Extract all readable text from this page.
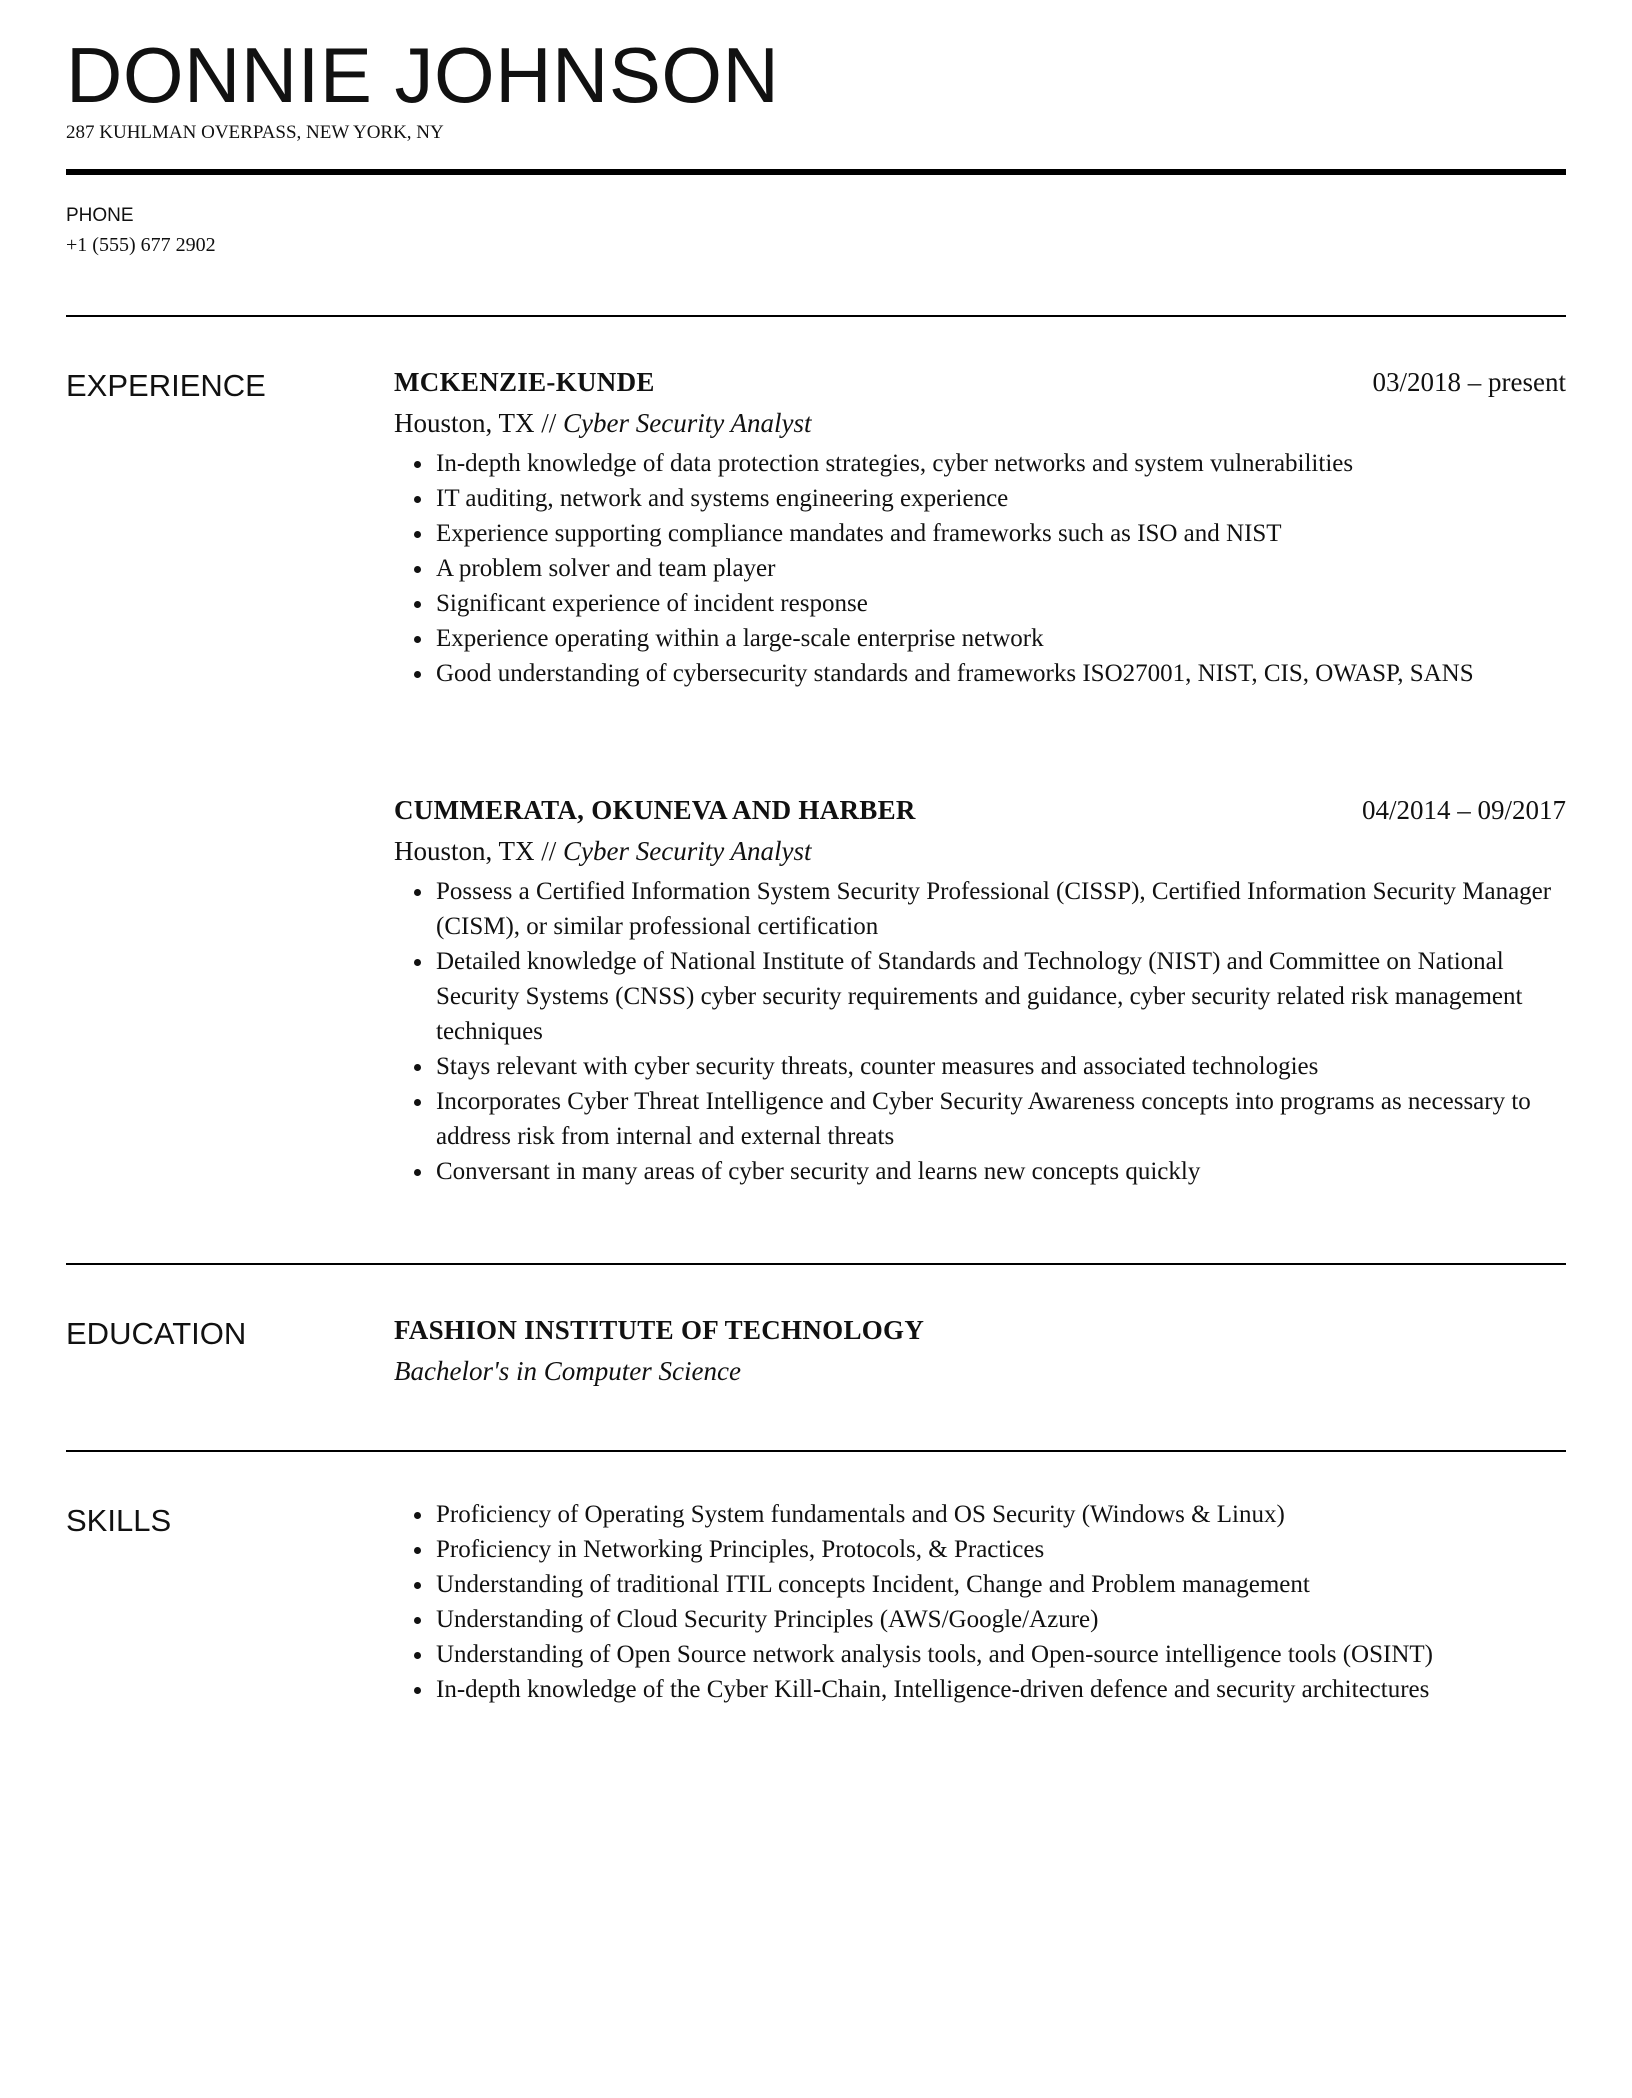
DONNIE JOHNSON
287 KUHLMAN OVERPASS, NEW YORK, NY
PHONE
+1 (555) 677 2902
EXPERIENCE	MCKENZIE-KUNDE	03/2018 – present
Houston, TX // Cyber Security Analyst
In-depth knowledge of data protection strategies, cyber networks and system vulnerabilities
IT auditing, network and systems engineering experience
Experience supporting compliance mandates and frameworks such as ISO and NIST
A problem solver and team player
Significant experience of incident response
Experience operating within a large-scale enterprise network
Good understanding of cybersecurity standards and frameworks ISO27001, NIST, CIS, OWASP, SANS
CUMMERATA, OKUNEVA AND HARBER	04/2014 – 09/2017
Houston, TX // Cyber Security Analyst
Possess a Certified Information System Security Professional (CISSP), Certified Information Security Manager (CISM), or similar professional certification
Detailed knowledge of National Institute of Standards and Technology (NIST) and Committee on National Security Systems (CNSS) cyber security requirements and guidance, cyber security related risk management techniques
Stays relevant with cyber security threats, counter measures and associated technologies
Incorporates Cyber Threat Intelligence and Cyber Security Awareness concepts into programs as necessary to address risk from internal and external threats
Conversant in many areas of cyber security and learns new concepts quickly
EDUCATION	FASHION INSTITUTE OF TECHNOLOGY
Bachelor's in Computer Science
SKILLS	Proficiency of Operating System fundamentals and OS Security (Windows & Linux)
Proficiency in Networking Principles, Protocols, & Practices
Understanding of traditional ITIL concepts Incident, Change and Problem management
Understanding of Cloud Security Principles (AWS/Google/Azure)
Understanding of Open Source network analysis tools, and Open-source intelligence tools (OSINT)
In-depth knowledge of the Cyber Kill-Chain, Intelligence-driven defence and security architectures
